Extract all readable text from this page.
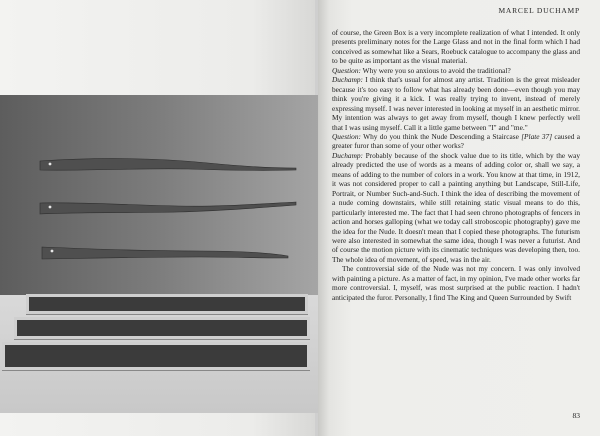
MARCEL DUCHAMP

of course, the Green Box is a very incomplete realization of what I intended. It only presents preliminary notes for the Large Glass and not in the final form which I had conceived as somewhat like a Sears, Roebuck catalogue to accompany the glass and to be quite as important as the visual material.

Question: Why were you so anxious to avoid the traditional?

Duchamp: I think that's usual for almost any artist. Tradition is the great misleader because it's too easy to follow what has already been done—even though you may think you're giving it a kick. I was really trying to invent, instead of merely expressing myself. I was never interested in looking at myself in an aesthetic mirror. My intention was always to get away from myself, though I knew perfectly well that I was using myself. Call it a little game between "I" and "me."

Question: Why do you think the Nude Descending a Staircase [Plate 37] caused a greater furor than some of your other works?

Duchamp: Probably because of the shock value due to its title, which by the way already predicted the use of words as a means of adding color or, shall we say, a means of adding to the number of colors in a work. You know at that time, in 1912, it was not considered proper to call a painting anything but Landscape, Still-Life, Portrait, or Number Such-and-Such. I think the idea of describing the movement of a nude coming downstairs, while still retaining static visual means to do this, particularly interested me. The fact that I had seen chrono photographs of fencers in action and horses galloping (what we today call stroboscopic photography) gave me the idea for the Nude. It doesn't mean that I copied these photographs. The futurism were also interested in somewhat the same idea, though I was never a futurist. And of course the motion picture with its cinematic techniques was developing then, too. The whole idea of movement, of speed, was in the air.

The controversial side of the Nude was not my concern. I was only involved with painting a picture. As a matter of fact, in my opinion, I've made other works far more controversial. I, myself, was most surprised at the public reaction. I hadn't anticipated the furor. Personally, I find The King and Queen Surrounded by Swift

83
